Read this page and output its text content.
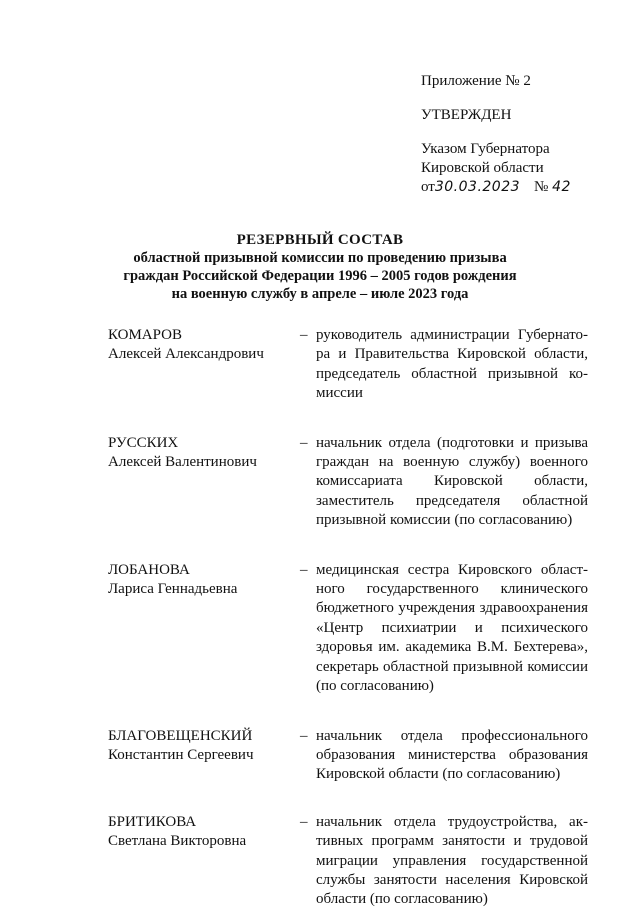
Приложение № 2
УТВЕРЖДЕН
Указом Губернатора
Кировской области
от30.03.2023 № 42
РЕЗЕРВНЫЙ СОСТАВ
областной призывной комиссии по проведению призыва
граждан Российской Федерации 1996 – 2005 годов рождения
на военную службу в апреле – июле 2023 года
КОМАРОВ
Алексей Александрович
– руководитель администрации Губернатора и Правительства Кировской области, председатель областной призывной комиссии
РУССКИХ
Алексей Валентинович
– начальник отдела (подготовки и призыва граждан на военную службу) военного комиссариата Кировской области, заместитель председателя областной призывной комиссии (по согласованию)
ЛОБАНОВА
Лариса Геннадьевна
– медицинская сестра Кировского областного государственного клинического бюджетного учреждения здравоохранения «Центр психиатрии и психического здоровья им. академика В.М. Бехтерева», секретарь областной призывной комиссии (по согласованию)
БЛАГОВЕЩЕНСКИЙ
Константин Сергеевич
– начальник отдела профессионального образования министерства образования Кировской области (по согласованию)
БРИТИКОВА
Светлана Викторовна
– начальник отдела трудоустройства, активных программ занятости и трудовой миграции управления государственной службы занятости населения Кировской области (по согласованию)
